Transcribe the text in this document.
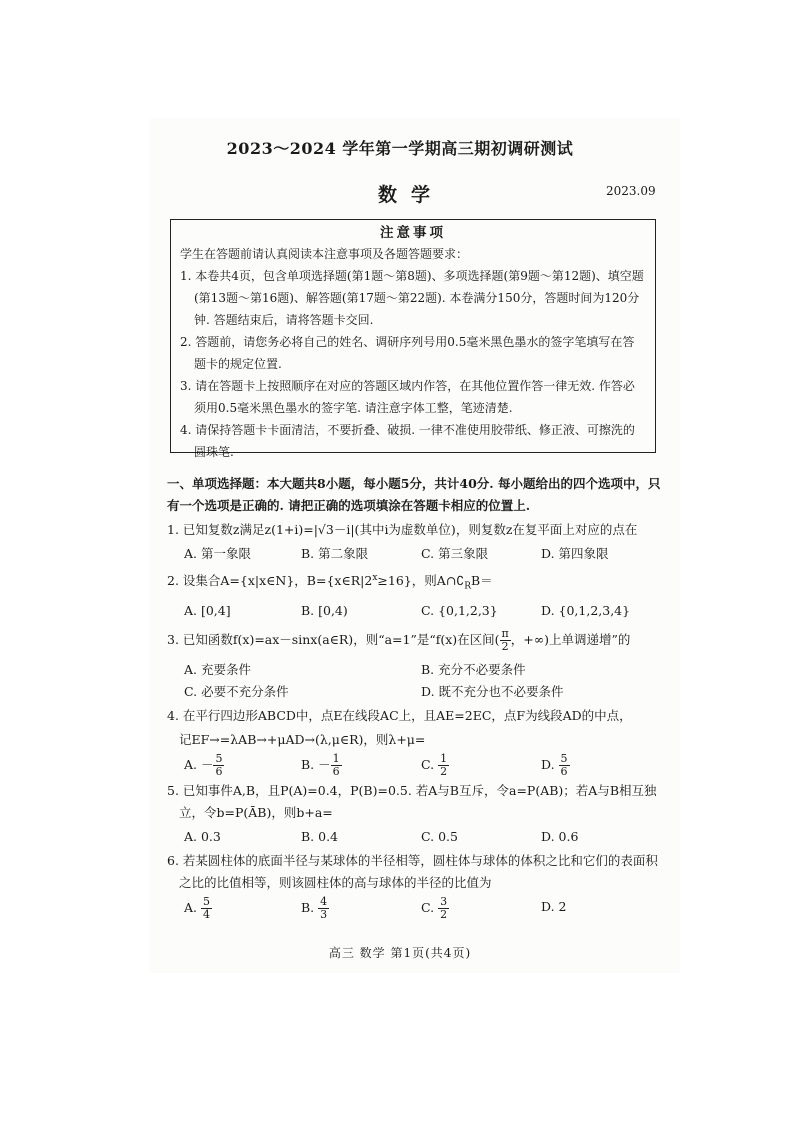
2023～2024 学年第一学期高三期初调研测试
数学	2023.09
注意事项
学生在答题前请认真阅读本注意事项及各题答题要求：
1. 本卷共4页，包含单项选择题(第1题～第8题)、多项选择题(第9题～第12题)、填空题(第13题～第16题)、解答题(第17题～第22题). 本卷满分150分，答题时间为120分钟. 答题结束后，请将答题卡交回.
2. 答题前，请您务必将自己的姓名、调研序列号用0.5毫米黑色墨水的签字笔填写在答题卡的规定位置.
3. 请在答题卡上按照顺序在对应的答题区域内作答，在其他位置作答一律无效. 作答必须用0.5毫米黑色墨水的签字笔. 请注意字体工整，笔迹清楚.
4. 请保持答题卡卡面清洁，不要折叠、破损. 一律不准使用胶带纸、修正液、可擦洗的圆珠笔.
一、单项选择题：本大题共8小题，每小题5分，共计40分. 每小题给出的四个选项中，只有一个选项是正确的. 请把正确的选项填涂在答题卡相应的位置上.
1. 已知复数z满足z(1+i)=|√3－i|(其中i为虚数单位)，则复数z在复平面上对应的点在
A. 第一象限	B. 第二象限	C. 第三象限	D. 第四象限
2. 设集合A={x|x∈N}，$B=\{x\in R|2^x\ge 16\}$，则$A\cap∁_RB=$
A. [0,4]	B. [0,4)	C. {0,1,2,3}	D. {0,1,2,3,4}
3. 已知函数f(x)=ax－sinx(a∈R)，则“a=1”是“f(x)在区间( $\frac{\pi}{2}$ ，+∞)上单调递增”的
A. 充要条件	B. 充分不必要条件
C. 必要不充分条件	D. 既不充分也不必要条件
4. 在平行四边形ABCD中，点E在线段AC上，且AE=2EC，点F为线段AD的中点，
记EF→=λAB→+μAD→(λ,μ∈R)，则λ+μ=
A. － $\frac{5}{6}$	B. － $\frac{1}{6}$	C. $\frac{1}{2}$	D. $\frac{5}{6}$
5. 已知事件A,B，且P(A)=0.4，P(B)=0.5. 若A与B互斥，令a=P(AB)；若A与B相互独立，令b=P(ĀB)，则b+a=
A. 0.3	B. 0.4	C. 0.5	D. 0.6
6. 若某圆柱体的底面半径与某球体的半径相等，圆柱体与球体的体积之比和它们的表面积之比的比值相等，则该圆柱体的高与球体的半径的比值为
A. $\frac{5}{4}$	B. $\frac{4}{3}$	C. $\frac{3}{2}$	D. 2
高三 数学 第1页(共4页)
